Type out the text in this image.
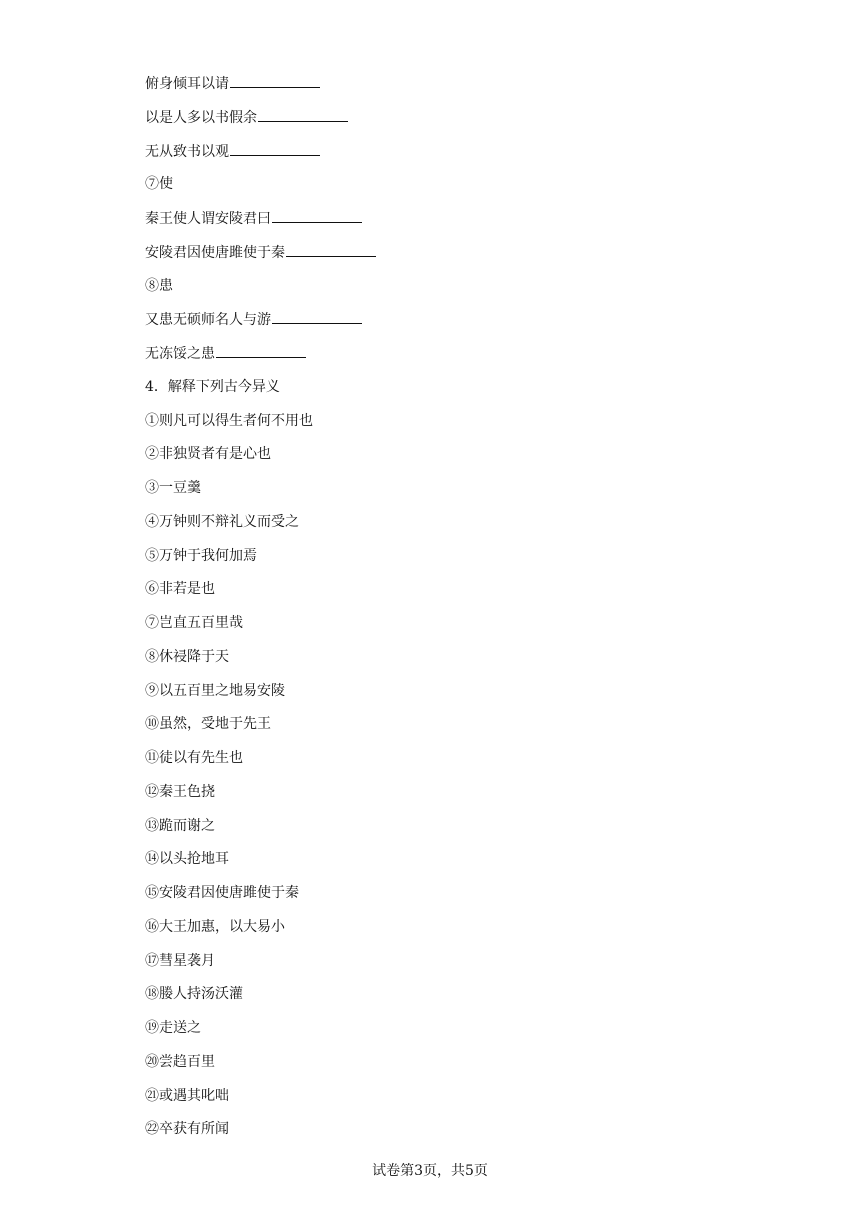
俯身倾耳以请
以是人多以书假余
无从致书以观
⑦使
秦王使人谓安陵君曰
安陵君因使唐雎使于秦
⑧患
又患无硕师名人与游
无冻馁之患
4．解释下列古今异义
①则凡可以得生者何不用也
②非独贤者有是心也
③一豆羹
④万钟则不辩礼义而受之
⑤万钟于我何加焉
⑥非若是也
⑦岂直五百里哉
⑧休祲降于天
⑨以五百里之地易安陵
⑩虽然，受地于先王
⑪徒以有先生也
⑫秦王色挠
⑬跪而谢之
⑭以头抢地耳
⑮安陵君因使唐雎使于秦
⑯大王加惠，以大易小
⑰彗星袭月
⑱媵人持汤沃灌
⑲走送之
⑳尝趋百里
㉑或遇其叱咄
㉒卒获有所闻
试卷第3页，共5页
